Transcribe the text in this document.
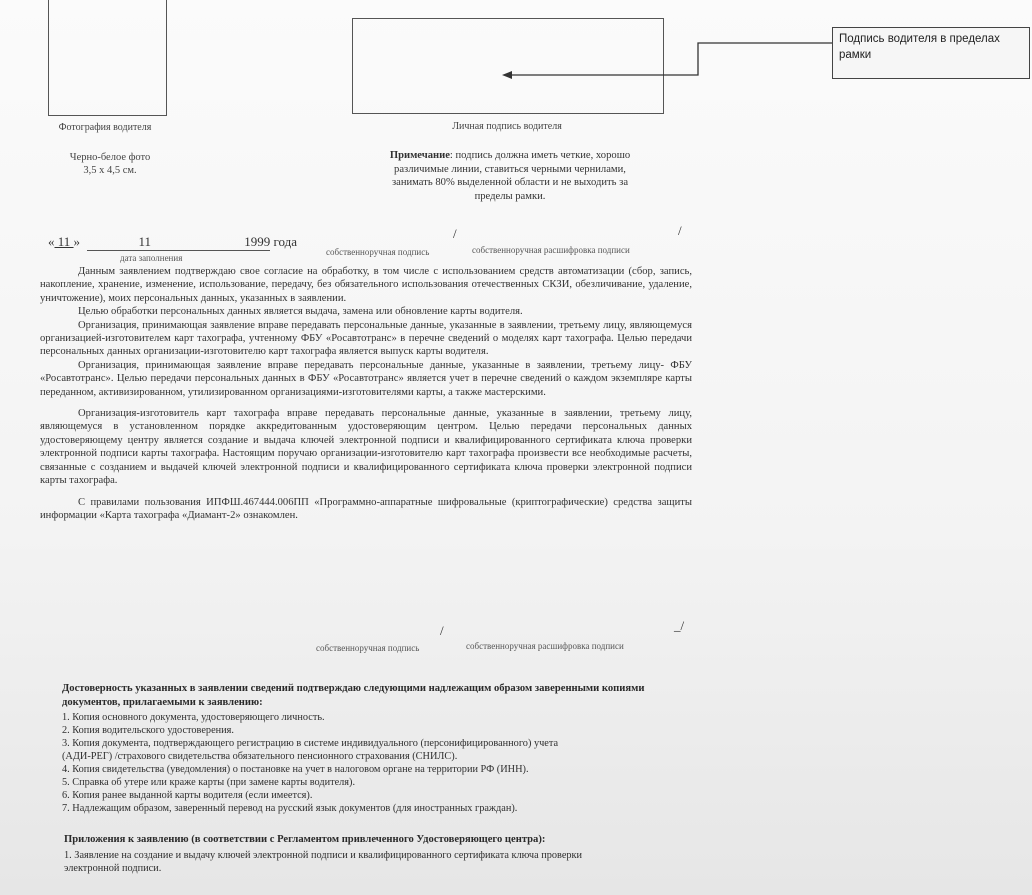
Фотография водителя
Черно-белое фото
3,5 х 4,5 см.
Личная подпись водителя
Подпись водителя в пределах рамки
Примечание: подпись должна иметь четкие, хорошо
различимые линии, ставиться черными чернилами,
занимать 80% выделенной области и не выходить за
пределы рамки.
« 11 »	11	1999 года
дата заполнения
/	/
собственноручная подпись	собственноручная расшифровка подписи

Данным заявлением подтверждаю свое согласие на обработку, в том числе с использованием средств автоматизации (сбор, запись, накопление, хранение, изменение, использование, передачу, без обязательного использования отечественных СКЗИ, обезличивание, удаление, уничтожение), моих персональных данных, указанных в заявлении.

Целью обработки персональных данных является выдача, замена или обновление карты водителя.

Организация, принимающая заявление вправе передавать персональные данные, указанные в заявлении, третьему лицу, являющемуся организацией-изготовителем карт тахографа, учтенному ФБУ «Росавтотранс» в перечне сведений о моделях карт тахографа. Целью передачи персональных данных организации-изготовителю карт тахографа является выпуск карты водителя.

Организация, принимающая заявление вправе передавать персональные данные, указанные в заявлении, третьему лицу- ФБУ «Росавтотранс». Целью передачи персональных данных в ФБУ «Росавтотранс» является учет в перечне сведений о каждом экземпляре карты переданном, активизированном, утилизированном организациями-изготовителями карты, а также мастерскими.

Организация-изготовитель карт тахографа вправе передавать персональные данные, указанные в заявлении, третьему лицу, являющемуся в установленном порядке аккредитованным удостоверяющим центром. Целью передачи персональных данных удостоверяющему центру является создание и выдача ключей электронной подписи и квалифицированного сертификата ключа проверки электронной подписи карты тахографа. Настоящим поручаю организации-изготовителю карт тахографа произвести все необходимые расчеты, связанные с созданием и выдачей ключей электронной подписи и квалифицированного сертификата ключа проверки электронной подписи карты тахографа.

С правилами пользования ИПФШ.467444.006ПП «Программно-аппаратные шифровальные (криптографические) средства защиты информации «Карта тахографа «Диамант-2» ознакомлен.

/	_/
собственноручная подпись	собственноручная расшифровка подписи
Достоверность указанных в заявлении сведений подтверждаю следующими надлежащим образом заверенными копиями документов, прилагаемыми к заявлению:
1. Копия основного документа, удостоверяющего личность.
2. Копия водительского удостоверения.
3. Копия документа, подтверждающего регистрацию в системе индивидуального (персонифицированного) учета
(АДИ-РЕГ) /страхового свидетельства обязательного пенсионного страхования (СНИЛС).
4. Копия свидетельства (уведомления) о постановке на учет в налоговом органе на территории РФ (ИНН).
5. Справка об утере или краже карты (при замене карты водителя).
6. Копия ранее выданной карты водителя (если имеется).
7. Надлежащим образом, заверенный перевод на русский язык документов (для иностранных граждан).
Приложения к заявлению (в соответствии с Регламентом привлеченного Удостоверяющего центра):
1. Заявление на создание и выдачу ключей электронной подписи и квалифицированного сертификата ключа проверки
электронной подписи.
